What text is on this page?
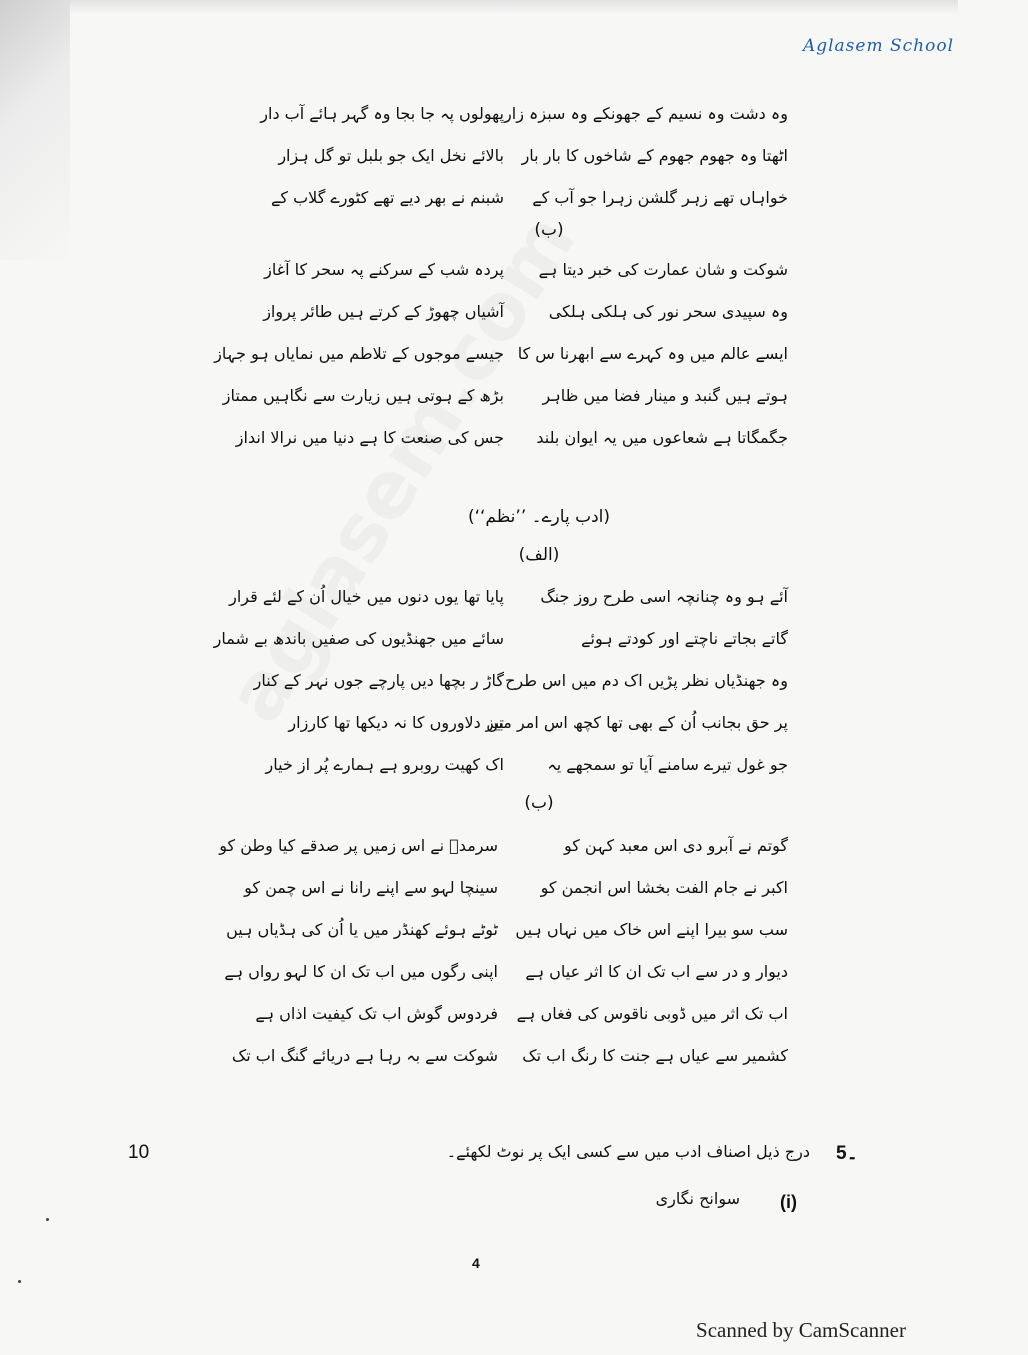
Aglasem School
وہ دشت وہ نسیم کے جھونکے وہ سبزہ زار
اٹھتا وہ جھوم جھوم کے شاخوں کا بار بار
خواہاں تھے زہر گلشن زہرا جو آب کے
پھولوں پہ جا بجا وہ گہر ہائے آب دار
بالائے نخل ایک جو بلبل تو گل ہزار
شبنم نے بھر دیے تھے کٹورے گلاب کے
(ب)
شوکت و شان عمارت کی خبر دیتا ہے
وہ سپیدی سحر نور کی ہلکی ہلکی
ایسے عالم میں وہ کہرے سے ابھرنا س کا
ہوتے ہیں گنبد و مینار فضا میں ظاہر
جگمگاتا ہے شعاعوں میں یہ ایوان بلند
پردہ شب کے سرکنے پہ سحر کا آغاز
آشیاں چھوڑ کے کرتے ہیں طائر پرواز
جیسے موجوں کے تلاطم میں نمایاں ہو جہاز
بڑھ کے ہوتی ہیں زیارت سے نگاہیں ممتاز
جس کی صنعت کا ہے دنیا میں نرالا انداز
(ادب پارے۔ ’’نظم‘‘)
(الف)
آئے ہو وہ چنانچہ اسی طرح روز جنگ
گاتے بجاتے ناچتے اور کودتے ہوئے
وہ جھنڈیاں نظر پڑیں اک دم میں اس طرح
پر حق بجانب اُن کے بھی تھا کچھ اس امر میں
جو غول تیرے سامنے آیا تو سمجھے یہ
پایا تھا یوں دنوں میں خیال اُن کے لئے قرار
سائے میں جھنڈیوں کی صفیں باندھ بے شمار
گاڑ ر بچھا دیں پارچے جوں نہر کے کنار
تیز دلاوروں کا نہ دیکھا تھا کارزار
اک کھیت روبرو ہے ہمارے پُر از خیار
(ب)
گوتم نے آبرو دی اس معبد کہن کو
اکبر نے جام الفت بخشا اس انجمن کو
سب سو بیرا اپنے اس خاک میں نہاں ہیں
دیوار و در سے اب تک ان کا اثر عیاں ہے
اب تک اثر میں ڈوبی ناقوس کی فغاں ہے
کشمیر سے عیاں ہے جنت کا رنگ اب تک
سرمدؔ نے اس زمیں پر صدقے کیا وطن کو
سینچا لہو سے اپنے رانا نے اس چمن کو
ٹوٹے ہوئے کھنڈر میں یا اُن کی ہڈیاں ہیں
اپنی رگوں میں اب تک ان کا لہو رواں ہے
فردوس گوش اب تک کیفیت اذاں ہے
شوکت سے بہ رہا ہے دریائے گنگ اب تک
5۔
درج ذیل اصناف ادب میں سے کسی ایک پر نوٹ لکھئے۔
10
(i)
سوانح نگاری
4
Scanned by CamScanner
